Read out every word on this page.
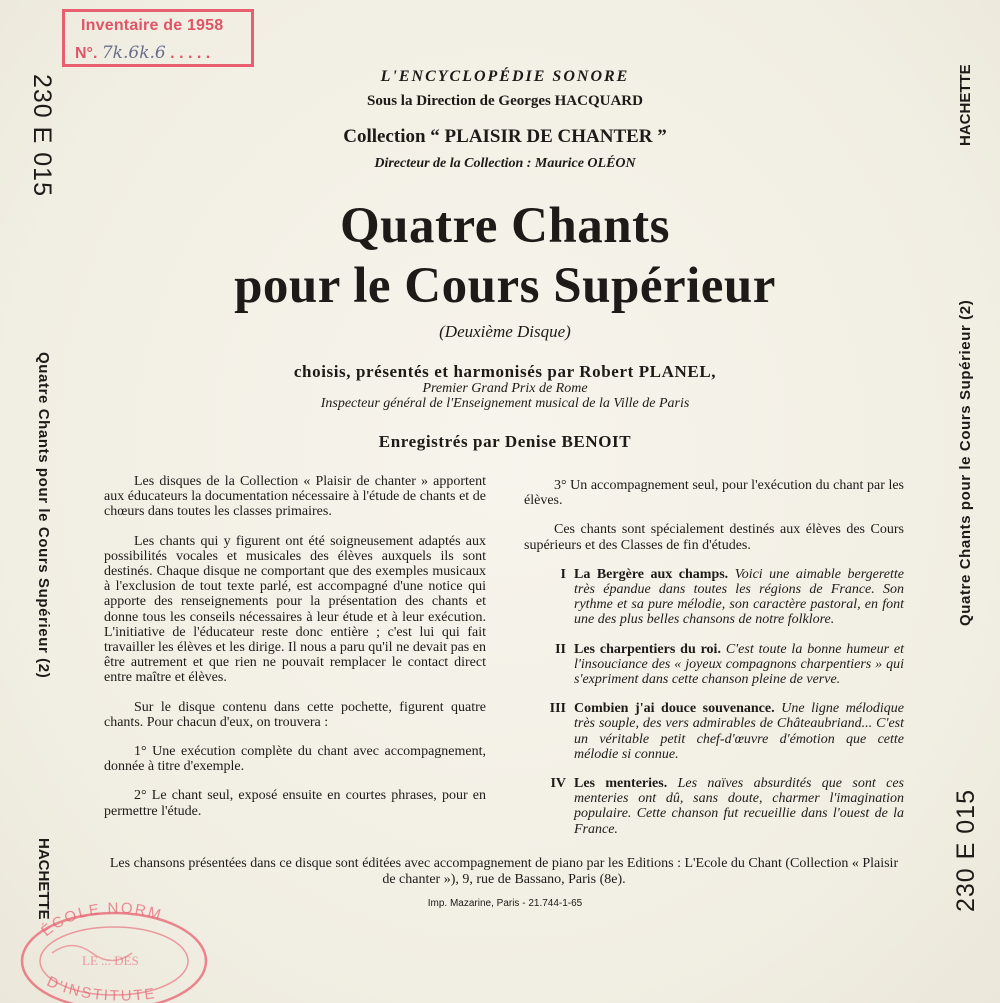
Inventaire de 1958
N°. 7k.6k.6 . . . . .
230 E 015
Quatre Chants pour le Cours Supérieur (2)
HACHETTE
HACHETTE
Quatre Chants pour le Cours Supérieur (2)
230 E 015
L'ENCYCLOPÉDIE SONORE
Sous la Direction de Georges HACQUARD
Collection “ PLAISIR DE CHANTER ”
Directeur de la Collection : Maurice OLÉON
Quatre Chants
pour le Cours Supérieur
(Deuxième Disque)
choisis, présentés et harmonisés par Robert PLANEL,
Premier Grand Prix de Rome
Inspecteur général de l'Enseignement musical de la Ville de Paris
Enregistrés par Denise BENOIT

Les disques de la Collection « Plaisir de chanter » apportent aux éducateurs la documentation nécessaire à l'étude de chants et de chœurs dans toutes les classes primaires.

Les chants qui y figurent ont été soigneusement adaptés aux possibilités vocales et musicales des élèves auxquels ils sont destinés. Chaque disque ne comportant que des exemples musicaux à l'exclusion de tout texte parlé, est accompagné d'une notice qui apporte des renseignements pour la présentation des chants et donne tous les conseils nécessaires à leur étude et à leur exécution. L'initiative de l'éducateur reste donc entière ; c'est lui qui fait travailler les élèves et les dirige. Il nous a paru qu'il ne devait pas en être autrement et que rien ne pouvait remplacer le contact direct entre maître et élèves.

Sur le disque contenu dans cette pochette, figurent quatre chants. Pour chacun d'eux, on trouvera :

1° Une exécution complète du chant avec accompagnement, donnée à titre d'exemple.

2° Le chant seul, exposé ensuite en courtes phrases, pour en permettre l'étude.

3° Un accompagnement seul, pour l'exécution du chant par les élèves.

Ces chants sont spécialement destinés aux élèves des Cours supérieurs et des Classes de fin d'études.

I La Bergère aux champs. Voici une aimable bergerette très épandue dans toutes les régions de France. Son rythme et sa pure mélodie, son caractère pastoral, en font une des plus belles chansons de notre folklore.
II Les charpentiers du roi. C'est toute la bonne humeur et l'insouciance des « joyeux compagnons charpentiers » qui s'expriment dans cette chanson pleine de verve.
III Combien j'ai douce souvenance. Une ligne mélodique très souple, des vers admirables de Châteaubriand... C'est un véritable petit chef-d'œuvre d'émotion que cette mélodie si connue.
IV Les menteries. Les naïves absurdités que sont ces menteries ont dû, sans doute, charmer l'imagination populaire. Cette chanson fut recueillie dans l'ouest de la France.
Les chansons présentées dans ce disque sont éditées avec accompagnement de piano par les Editions : L'Ecole du Chant (Collection « Plaisir de chanter »), 9, rue de Bassano, Paris (8e).
Imp. Mazarine, Paris - 21.744-1-65
ÉCOLE NORM
LE ... DES
D'INSTITUTE
